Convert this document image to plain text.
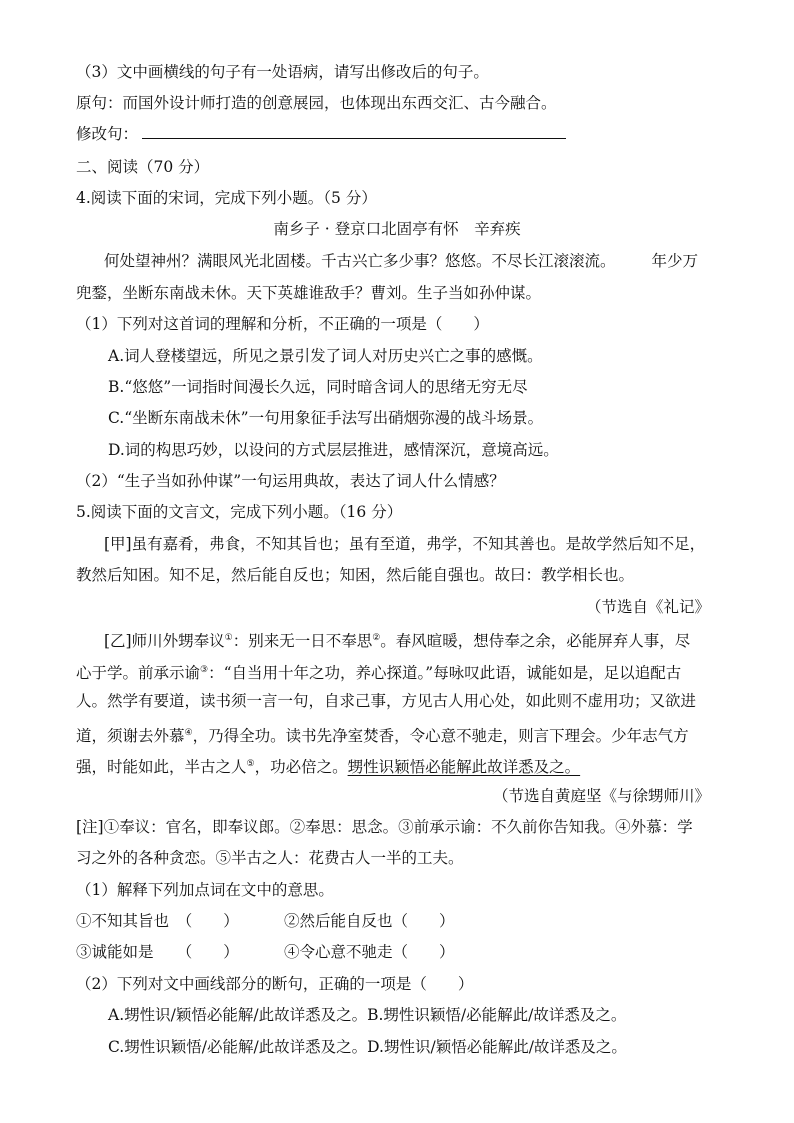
（3）文中画横线的句子有一处语病，请写出修改后的句子。
原句：而国外设计师打造的创意展园，也体现出东西交汇、古今融合。
修改句：
二、阅读（70 分）
4.阅读下面的宋词，完成下列小题。（5 分）
南乡子 · 登京口北固亭有怀　辛弃疾
何处望神州？满眼风光北固楼。千古兴亡多少事？悠悠。不尽长江滚滚流。 年少万
兜鍪，坐断东南战未休。天下英雄谁敌手？曹刘。生子当如孙仲谋。
（1）下列对这首词的理解和分析，不正确的一项是（　　）
A.词人登楼望远，所见之景引发了词人对历史兴亡之事的感慨。
B.“悠悠”一词指时间漫长久远，同时暗含词人的思绪无穷无尽
C.“坐断东南战未休”一句用象征手法写出硝烟弥漫的战斗场景。
D.词的构思巧妙，以设问的方式层层推进，感情深沉，意境高远。
（2）“生子当如孙仲谋”一句运用典故，表达了词人什么情感？
5.阅读下面的文言文，完成下列小题。（16 分）
[甲]虽有嘉肴，弗食，不知其旨也；虽有至道，弗学，不知其善也。是故学然后知不足，
教然后知困。知不足，然后能自反也；知困，然后能自强也。故曰：教学相长也。
（节选自《礼记》
[乙]师川外甥奉议①：别来无一日不奉思②。春风暄暖，想侍奉之余，必能屏弃人事，尽
心于学。前承示谕③：“自当用十年之功，养心探道。”每咏叹此语，诚能如是，足以追配古
人。然学有要道，读书须一言一句，自求己事，方见古人用心处，如此则不虚用功；又欲进
道，须谢去外慕④，乃得全功。读书先净室焚香，令心意不驰走，则言下理会。少年志气方
强，时能如此，半古之人⑤，功必倍之。甥性识颖悟必能解此故详悉及之。
（节选自黄庭坚《与徐甥师川》
[注]①奉议：官名，即奉议郎。②奉思：思念。③前承示谕：不久前你告知我。④外慕：学
习之外的各种贪恋。⑤半古之人：花费古人一半的工夫。
（1）解释下列加点词在文中的意思。
①不知其旨也　（　　）	②然后能自反也（　　）
③诚能如是　　（　　）	④令心意不驰走（　　）
（2）下列对文中画线部分的断句，正确的一项是（　　）
A.甥性识/颖悟必能解/此故详悉及之。B.甥性识颖悟/必能解此/故详悉及之。
C.甥性识颖悟/必能解/此故详悉及之。D.甥性识/颖悟必能解此/故详悉及之。
